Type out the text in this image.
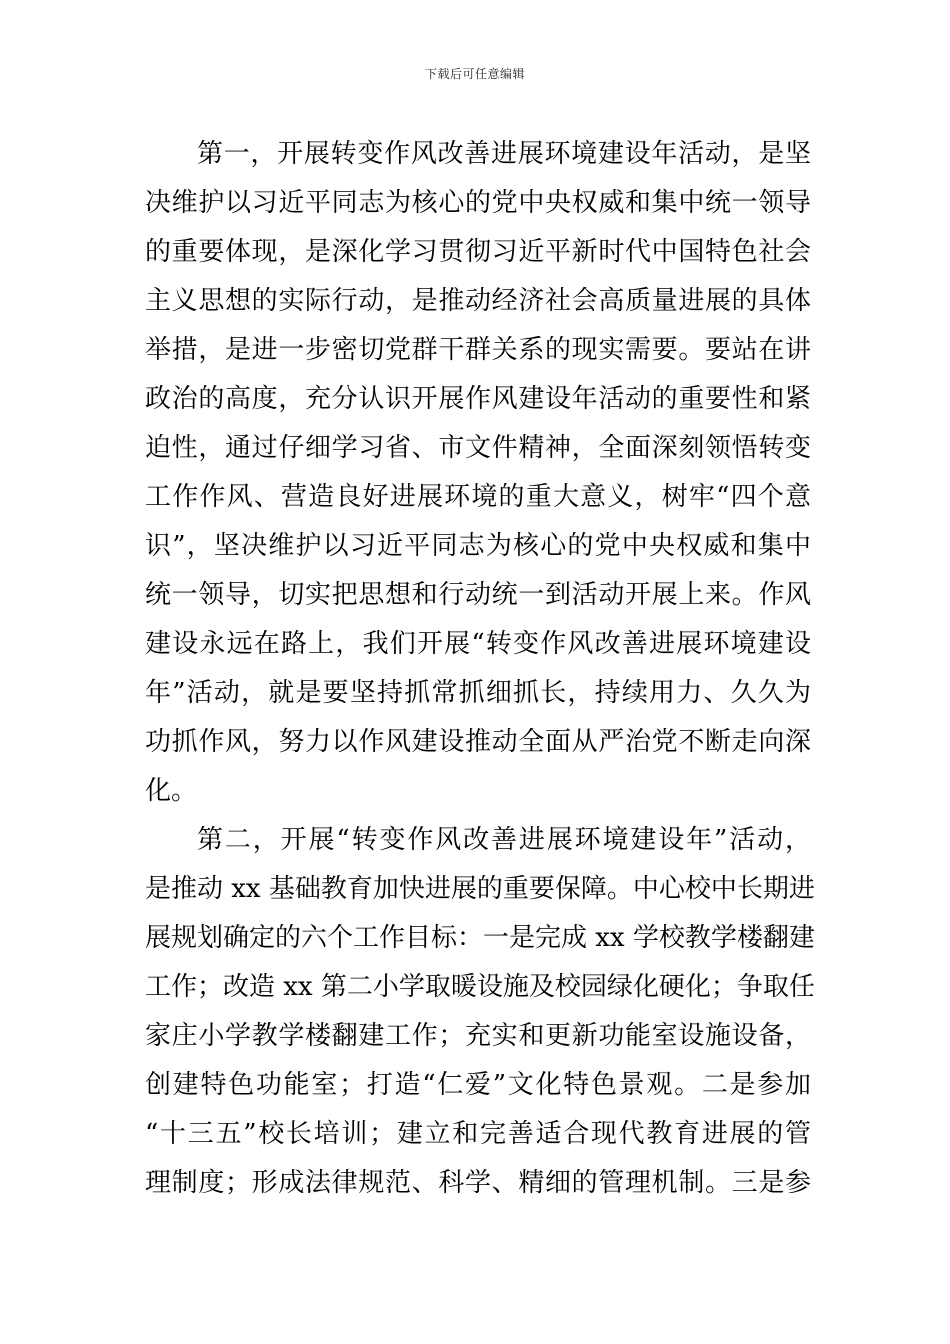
下载后可任意编辑
第一，开展转变作风改善进展环境建设年活动，是坚
决维护以习近平同志为核心的党中央权威和集中统一领导
的重要体现，是深化学习贯彻习近平新时代中国特色社会
主义思想的实际行动，是推动经济社会高质量进展的具体
举措，是进一步密切党群干群关系的现实需要。要站在讲
政治的高度，充分认识开展作风建设年活动的重要性和紧
迫性，通过仔细学习省、市文件精神，全面深刻领悟转变
工作作风、营造良好进展环境的重大意义，树牢“四个意
识”，坚决维护以习近平同志为核心的党中央权威和集中
统一领导，切实把思想和行动统一到活动开展上来。作风
建设永远在路上，我们开展“转变作风改善进展环境建设
年”活动，就是要坚持抓常抓细抓长，持续用力、久久为
功抓作风，努力以作风建设推动全面从严治党不断走向深
化。
第二，开展“转变作风改善进展环境建设年”活动，
是推动 xx 基础教育加快进展的重要保障。中心校中长期进
展规划确定的六个工作目标：一是完成 xx 学校教学楼翻建
工作；改造 xx 第二小学取暖设施及校园绿化硬化；争取任
家庄小学教学楼翻建工作；充实和更新功能室设施设备，
创建特色功能室；打造“仁爱”文化特色景观。二是参加
“十三五”校长培训；建立和完善适合现代教育进展的管
理制度；形成法律规范、科学、精细的管理机制。三是参
